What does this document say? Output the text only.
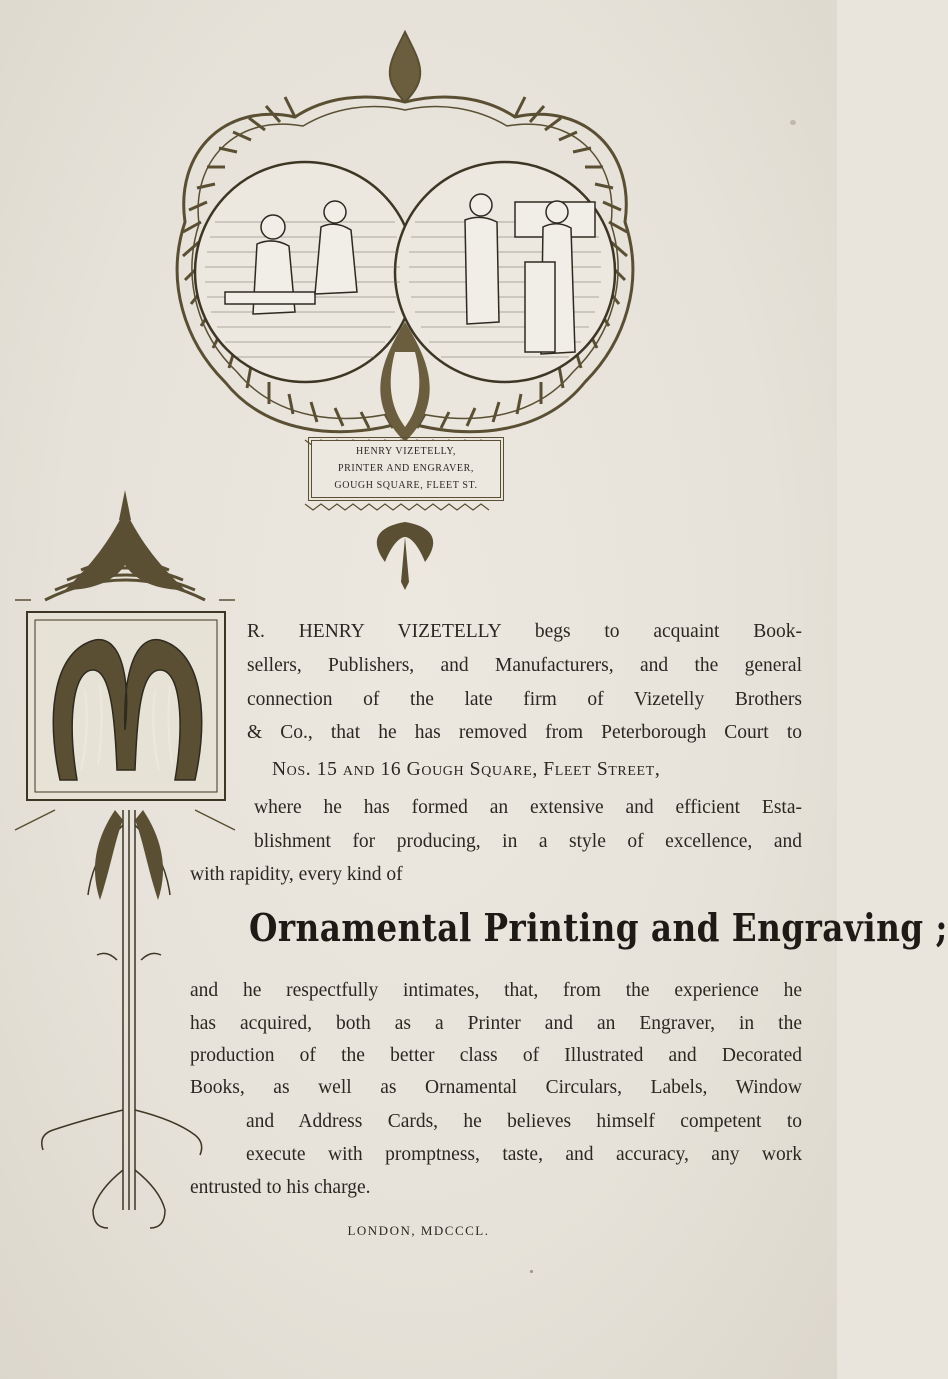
HENRY VIZETELLY,
PRINTER AND ENGRAVER,
GOUGH SQUARE, FLEET ST.
R. HENRY VIZETELLY begs to acquaint Book-
sellers, Publishers, and Manufacturers, and the general
connection of the late firm of Vizetelly Brothers
& Co., that he has removed from Peterborough Court to
Nos. 15 and 16 Gough Square, Fleet Street,
where he has formed an extensive and efficient Esta-
blishment for producing, in a style of excellence, and
with rapidity, every kind of
Ornamental Printing and Engraving ;
and he respectfully intimates, that, from the experience he
has acquired, both as a Printer and an Engraver, in the
production of the better class of Illustrated and Decorated
Books, as well as Ornamental Circulars, Labels, Window
and Address Cards, he believes himself competent to
execute with promptness, taste, and accuracy, any work
entrusted to his charge.
LONDON, MDCCCL.
